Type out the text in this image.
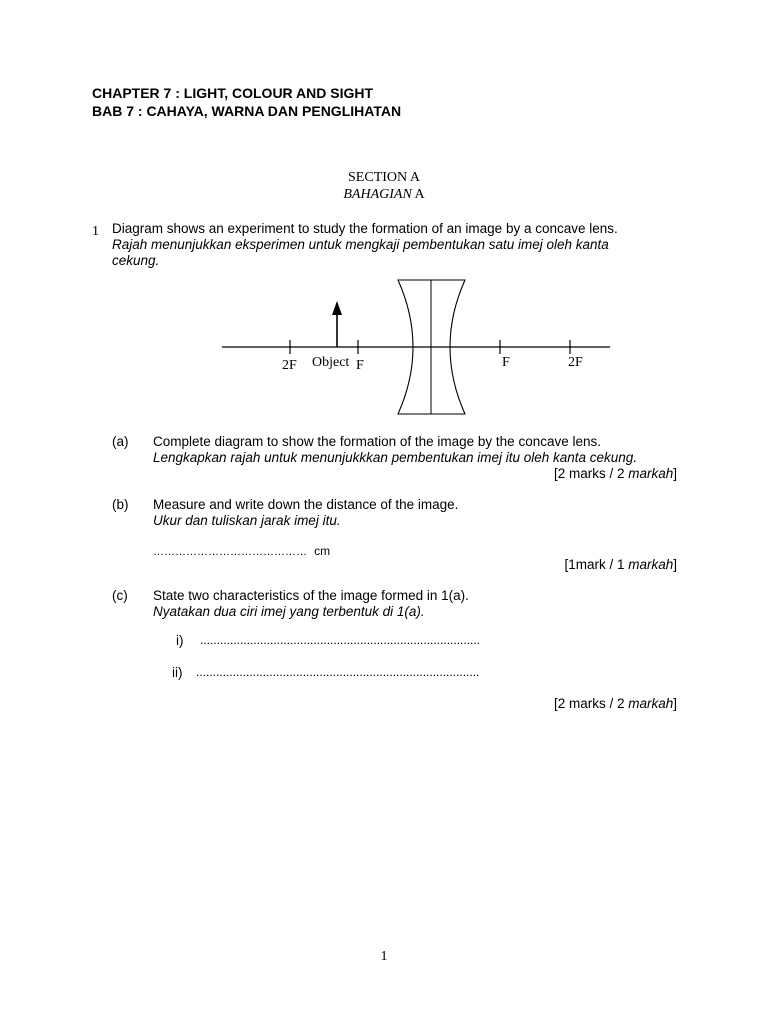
CHAPTER 7 : LIGHT, COLOUR AND SIGHT
BAB 7 : CAHAYA, WARNA DAN PENGLIHATAN
SECTION A
BAHAGIAN A
1 Diagram shows an experiment to study the formation of an image by a concave lens.
Rajah menunjukkan eksperimen untuk mengkaji pembentukan satu imej oleh kanta
cekung.
2F Object F	F	2F
(a) Complete diagram to show the formation of the image by the concave lens.
Lengkapkan rajah untuk menunjukkkan pembentukan imej itu oleh kanta cekung.
[2 marks / 2 markah]
(b) Measure and write down the distance of the image.
Ukur dan tuliskan jarak imej itu.
…………………………………… cm
[1mark / 1 markah]
(c) State two characteristics of the image formed in 1(a).
Nyatakan dua ciri imej yang terbentuk di 1(a).
i) ....................................................................................
ii) .....................................................................................
[2 marks / 2 markah]
1
